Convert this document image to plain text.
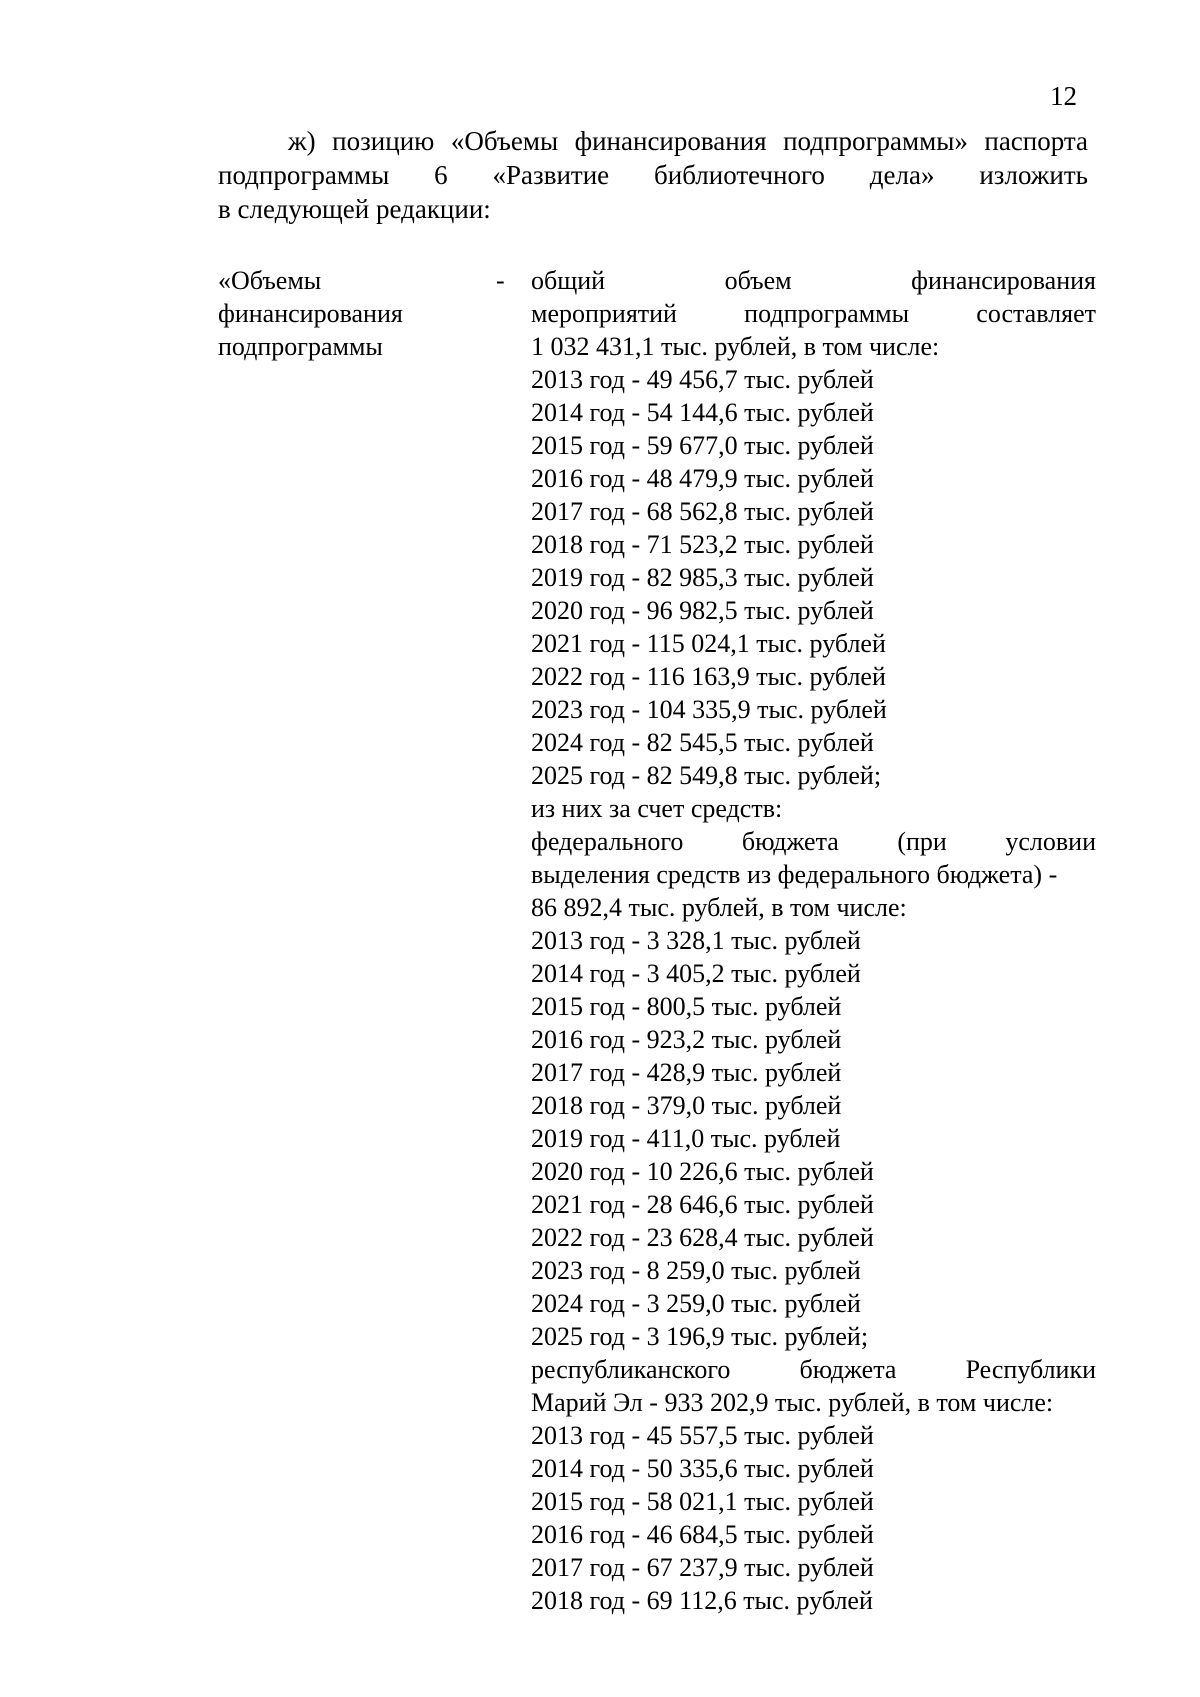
12
ж) позицию «Объемы финансирования подпрограммы» паспорта
подпрограммы 6 «Развитие библиотечного дела» изложить
в следующей редакции:
«Объемы
финансирования
подпрограммы
- общий объем финансирования
мероприятий подпрограммы составляет
1 032 431,1 тыс. рублей, в том числе:
2013 год - 49 456,7 тыс. рублей
2014 год - 54 144,6 тыс. рублей
2015 год - 59 677,0 тыс. рублей
2016 год - 48 479,9 тыс. рублей
2017 год - 68 562,8 тыс. рублей
2018 год - 71 523,2 тыс. рублей
2019 год - 82 985,3 тыс. рублей
2020 год - 96 982,5 тыс. рублей
2021 год - 115 024,1 тыс. рублей
2022 год - 116 163,9 тыс. рублей
2023 год - 104 335,9 тыс. рублей
2024 год - 82 545,5 тыс. рублей
2025 год - 82 549,8 тыс. рублей;
из них за счет средств:
федерального бюджета (при условии
выделения средств из федерального бюджета) -
86 892,4 тыс. рублей, в том числе:
2013 год - 3 328,1 тыс. рублей
2014 год - 3 405,2 тыс. рублей
2015 год - 800,5 тыс. рублей
2016 год - 923,2 тыс. рублей
2017 год - 428,9 тыс. рублей
2018 год - 379,0 тыс. рублей
2019 год - 411,0 тыс. рублей
2020 год - 10 226,6 тыс. рублей
2021 год - 28 646,6 тыс. рублей
2022 год - 23 628,4 тыс. рублей
2023 год - 8 259,0 тыс. рублей
2024 год - 3 259,0 тыс. рублей
2025 год - 3 196,9 тыс. рублей;
республиканского бюджета Республики
Марий Эл - 933 202,9 тыс. рублей, в том числе:
2013 год - 45 557,5 тыс. рублей
2014 год - 50 335,6 тыс. рублей
2015 год - 58 021,1 тыс. рублей
2016 год - 46 684,5 тыс. рублей
2017 год - 67 237,9 тыс. рублей
2018 год - 69 112,6 тыс. рублей
